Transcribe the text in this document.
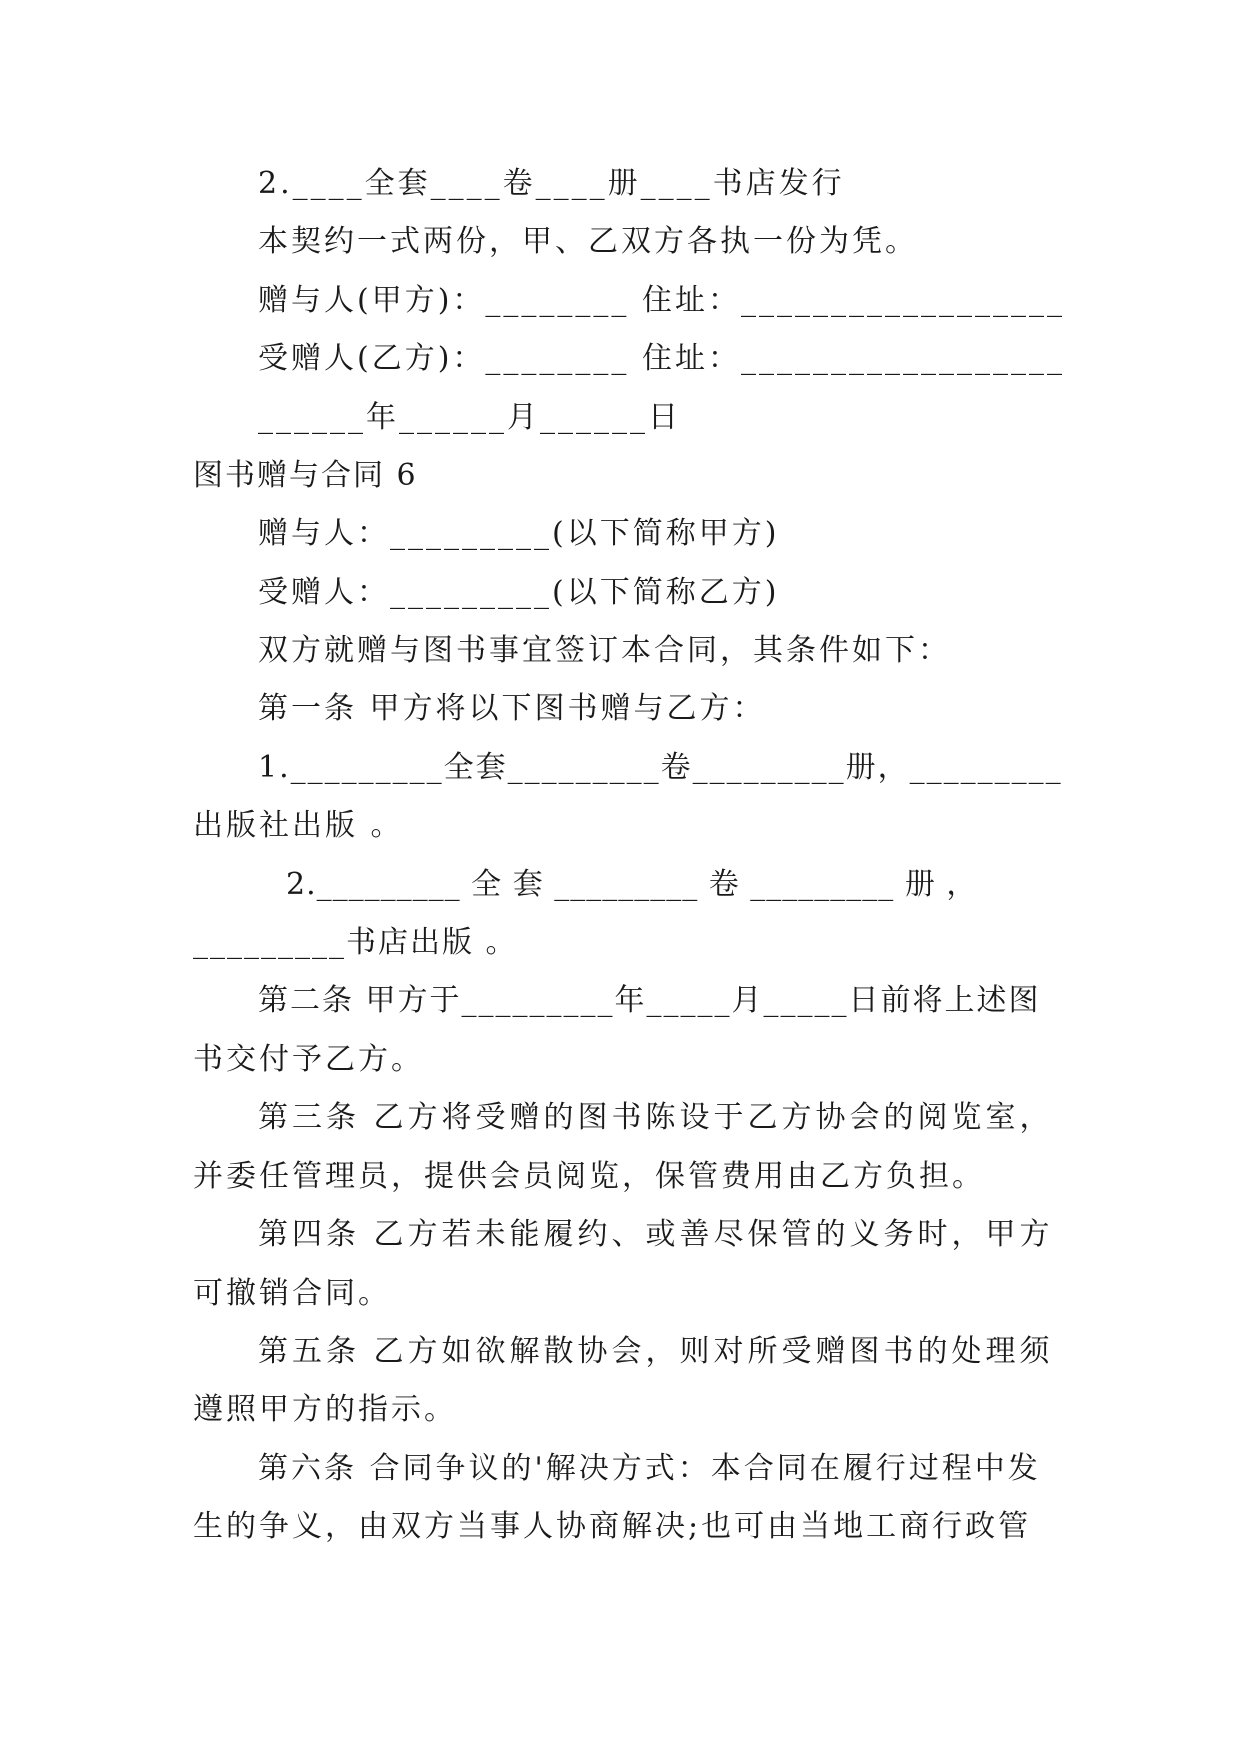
2.____全套____卷____册____书店发行
本契约一式两份，甲、乙双方各执一份为凭。
赠与人(甲方)：________ 住址：__________________
受赠人(乙方)：________ 住址：__________________
______年______月______日
图书赠与合同 6
赠与人：_________(以下简称甲方)
受赠人：_________(以下简称乙方)
双方就赠与图书事宜签订本合同，其条件如下：
第一条 甲方将以下图书赠与乙方：
1._________全套_________卷_________册，_________
出版社出版 。
2._________ 全 套 _________ 卷 _________ 册 ，
_________书店出版 。
第二条 甲方于_________年_____月_____日前将上述图
书交付予乙方。
第三条 乙方将受赠的图书陈设于乙方协会的阅览室，
并委任管理员，提供会员阅览，保管费用由乙方负担。
第四条 乙方若未能履约、或善尽保管的义务时，甲方
可撤销合同。
第五条 乙方如欲解散协会，则对所受赠图书的处理须
遵照甲方的指示。
第六条 合同争议的'解决方式：本合同在履行过程中发
生的争义，由双方当事人协商解决;也可由当地工商行政管
